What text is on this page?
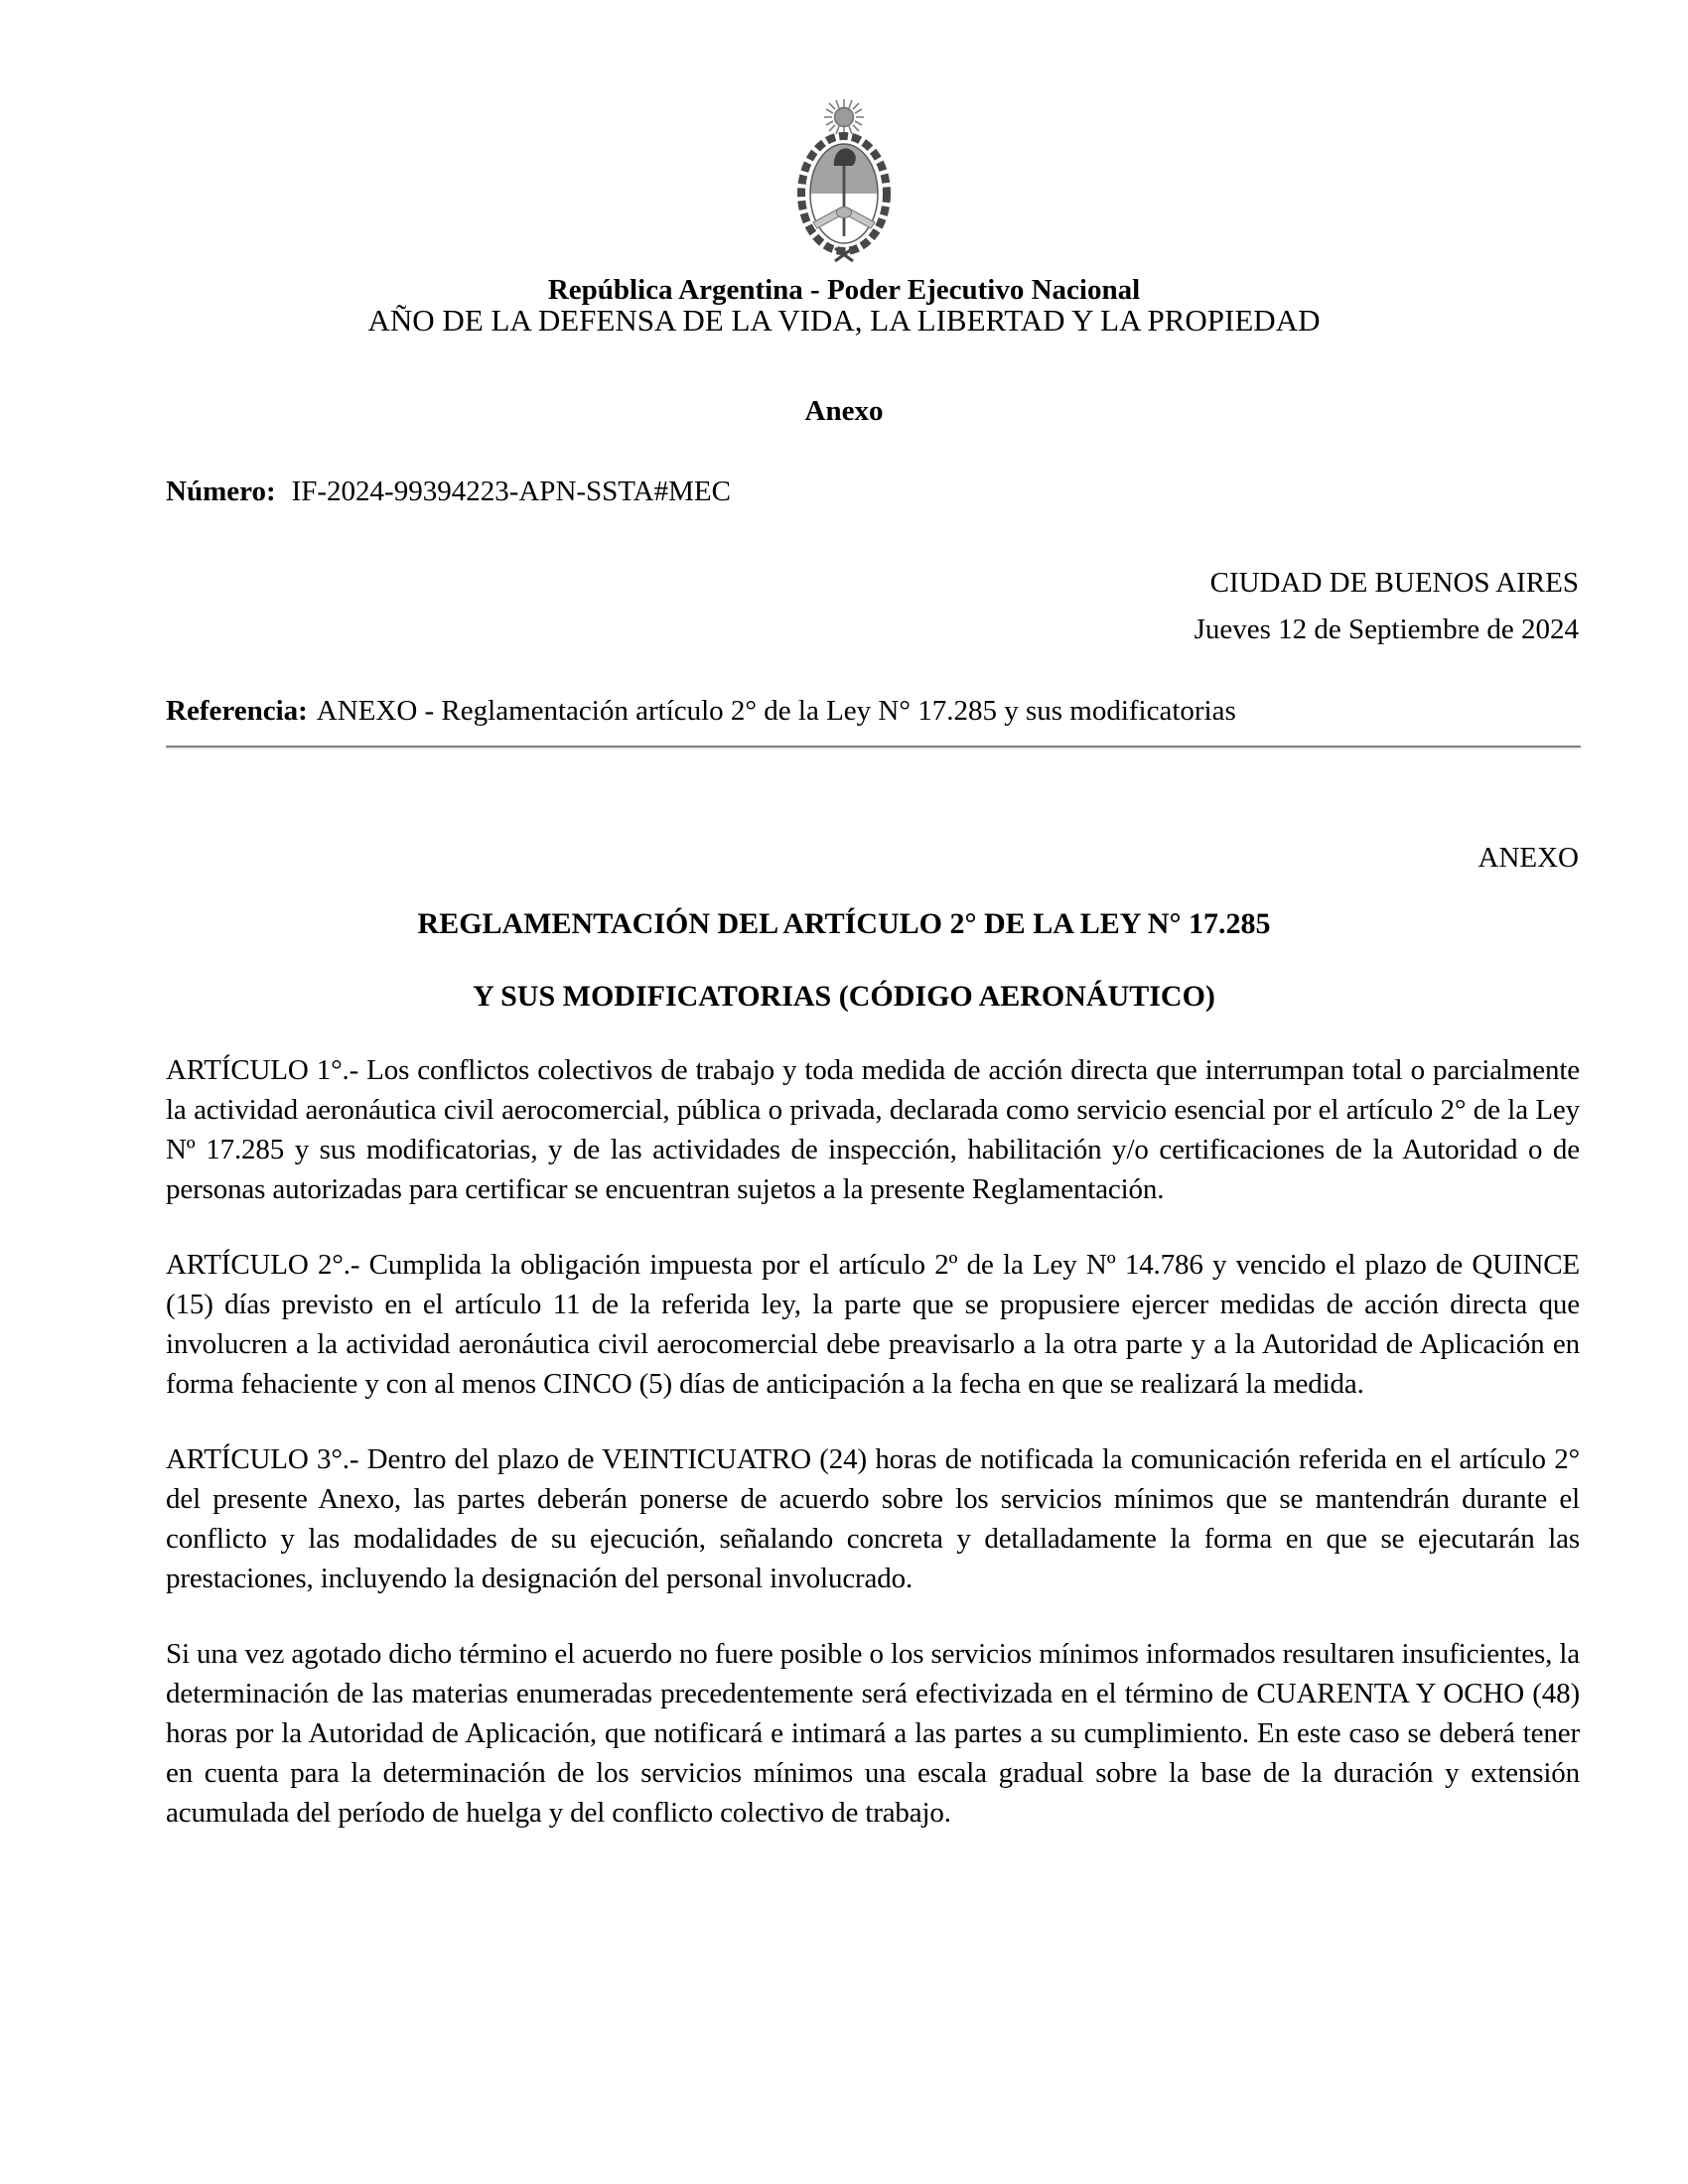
República Argentina - Poder Ejecutivo Nacional
AÑO DE LA DEFENSA DE LA VIDA, LA LIBERTAD Y LA PROPIEDAD
Anexo
Número: IF-2024-99394223-APN-SSTA#MEC
CIUDAD DE BUENOS AIRES
Jueves 12 de Septiembre de 2024
Referencia: ANEXO - Reglamentación artículo 2° de la Ley N° 17.285 y sus modificatorias
ANEXO
REGLAMENTACIÓN DEL ARTÍCULO 2° DE LA LEY N° 17.285
Y SUS MODIFICATORIAS (CÓDIGO AERONÁUTICO)

ARTÍCULO 1°.- Los conflictos colectivos de trabajo y toda medida de acción directa que interrumpan total o parcialmente la actividad aeronáutica civil aerocomercial, pública o privada, declarada como servicio esencial por el artículo 2° de la Ley Nº 17.285 y sus modificatorias, y de las actividades de inspección, habilitación y/o certificaciones de la Autoridad o de personas autorizadas para certificar se encuentran sujetos a la presente Reglamentación.

ARTÍCULO 2°.- Cumplida la obligación impuesta por el artículo 2º de la Ley Nº 14.786 y vencido el plazo de QUINCE (15) días previsto en el artículo 11 de la referida ley, la parte que se propusiere ejercer medidas de acción directa que involucren a la actividad aeronáutica civil aerocomercial debe preavisarlo a la otra parte y a la Autoridad de Aplicación en forma fehaciente y con al menos CINCO (5) días de anticipación a la fecha en que se realizará la medida.

ARTÍCULO 3°.- Dentro del plazo de VEINTICUATRO (24) horas de notificada la comunicación referida en el artículo 2° del presente Anexo, las partes deberán ponerse de acuerdo sobre los servicios mínimos que se mantendrán durante el conflicto y las modalidades de su ejecución, señalando concreta y detalladamente la forma en que se ejecutarán las prestaciones, incluyendo la designación del personal involucrado.

Si una vez agotado dicho término el acuerdo no fuere posible o los servicios mínimos informados resultaren insuficientes, la determinación de las materias enumeradas precedentemente será efectivizada en el término de CUARENTA Y OCHO (48) horas por la Autoridad de Aplicación, que notificará e intimará a las partes a su cumplimiento. En este caso se deberá tener en cuenta para la determinación de los servicios mínimos una escala gradual sobre la base de la duración y extensión acumulada del período de huelga y del conflicto colectivo de trabajo.
